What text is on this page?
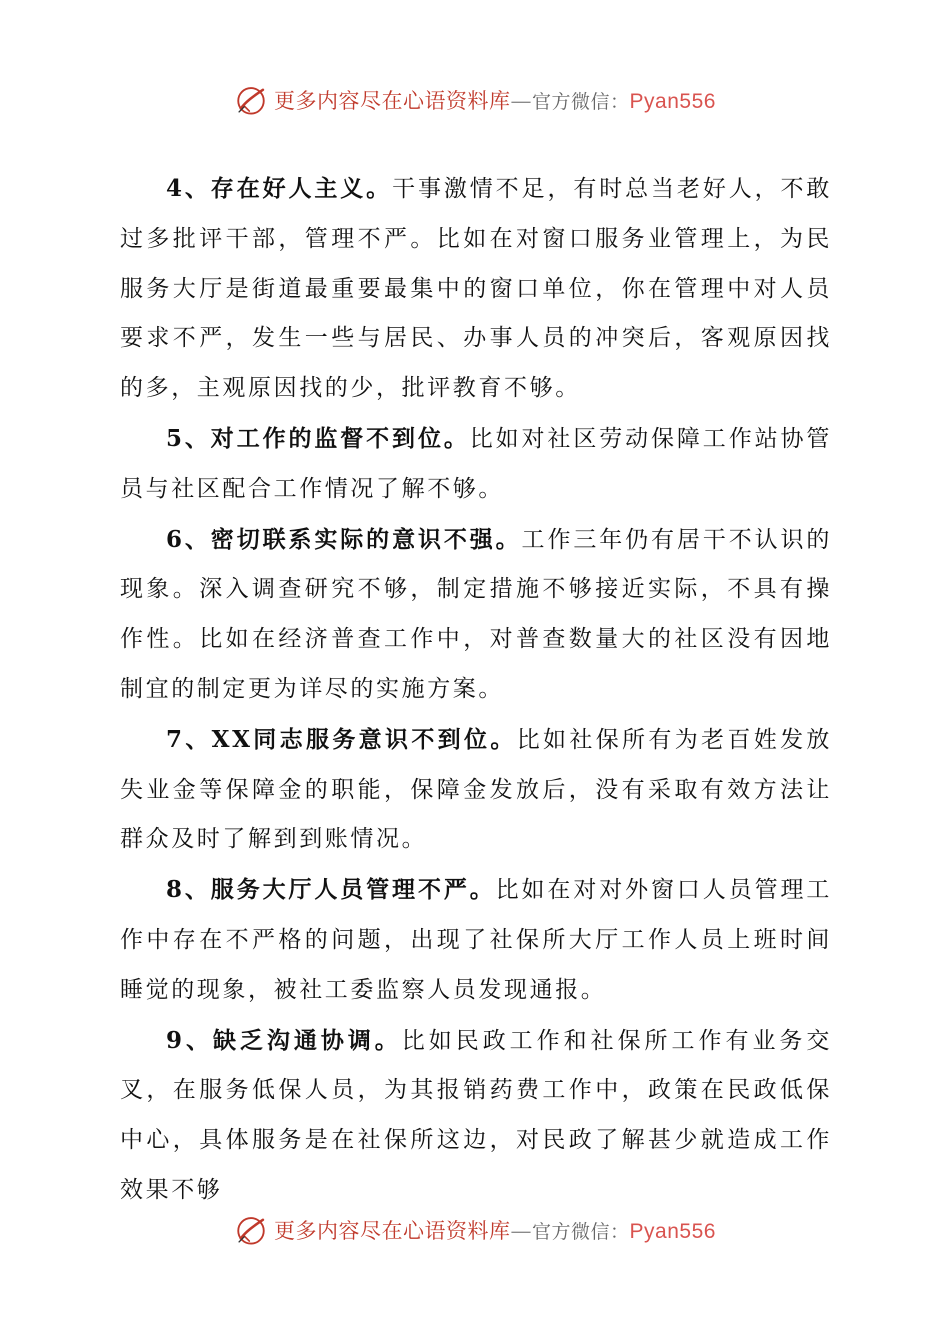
更多内容尽在心语资料库—官方微信：Pyan556

4、存在好人主义。干事激情不足，有时总当老好人，不敢过多批评干部，管理不严。比如在对窗口服务业管理上，为民服务大厅是街道最重要最集中的窗口单位，你在管理中对人员要求不严，发生一些与居民、办事人员的冲突后，客观原因找的多，主观原因找的少，批评教育不够。

5、对工作的监督不到位。比如对社区劳动保障工作站协管员与社区配合工作情况了解不够。

6、密切联系实际的意识不强。工作三年仍有居干不认识的现象。深入调查研究不够，制定措施不够接近实际，不具有操作性。比如在经济普查工作中，对普查数量大的社区没有因地制宜的制定更为详尽的实施方案。

7、XX同志服务意识不到位。比如社保所有为老百姓发放失业金等保障金的职能，保障金发放后，没有采取有效方法让群众及时了解到到账情况。

8、服务大厅人员管理不严。比如在对对外窗口人员管理工作中存在不严格的问题，出现了社保所大厅工作人员上班时间睡觉的现象，被社工委监察人员发现通报。

9、缺乏沟通协调。比如民政工作和社保所工作有业务交叉，在服务低保人员，为其报销药费工作中，政策在民政低保中心，具体服务是在社保所这边，对民政了解甚少就造成工作效果不够

更多内容尽在心语资料库—官方微信：Pyan556
